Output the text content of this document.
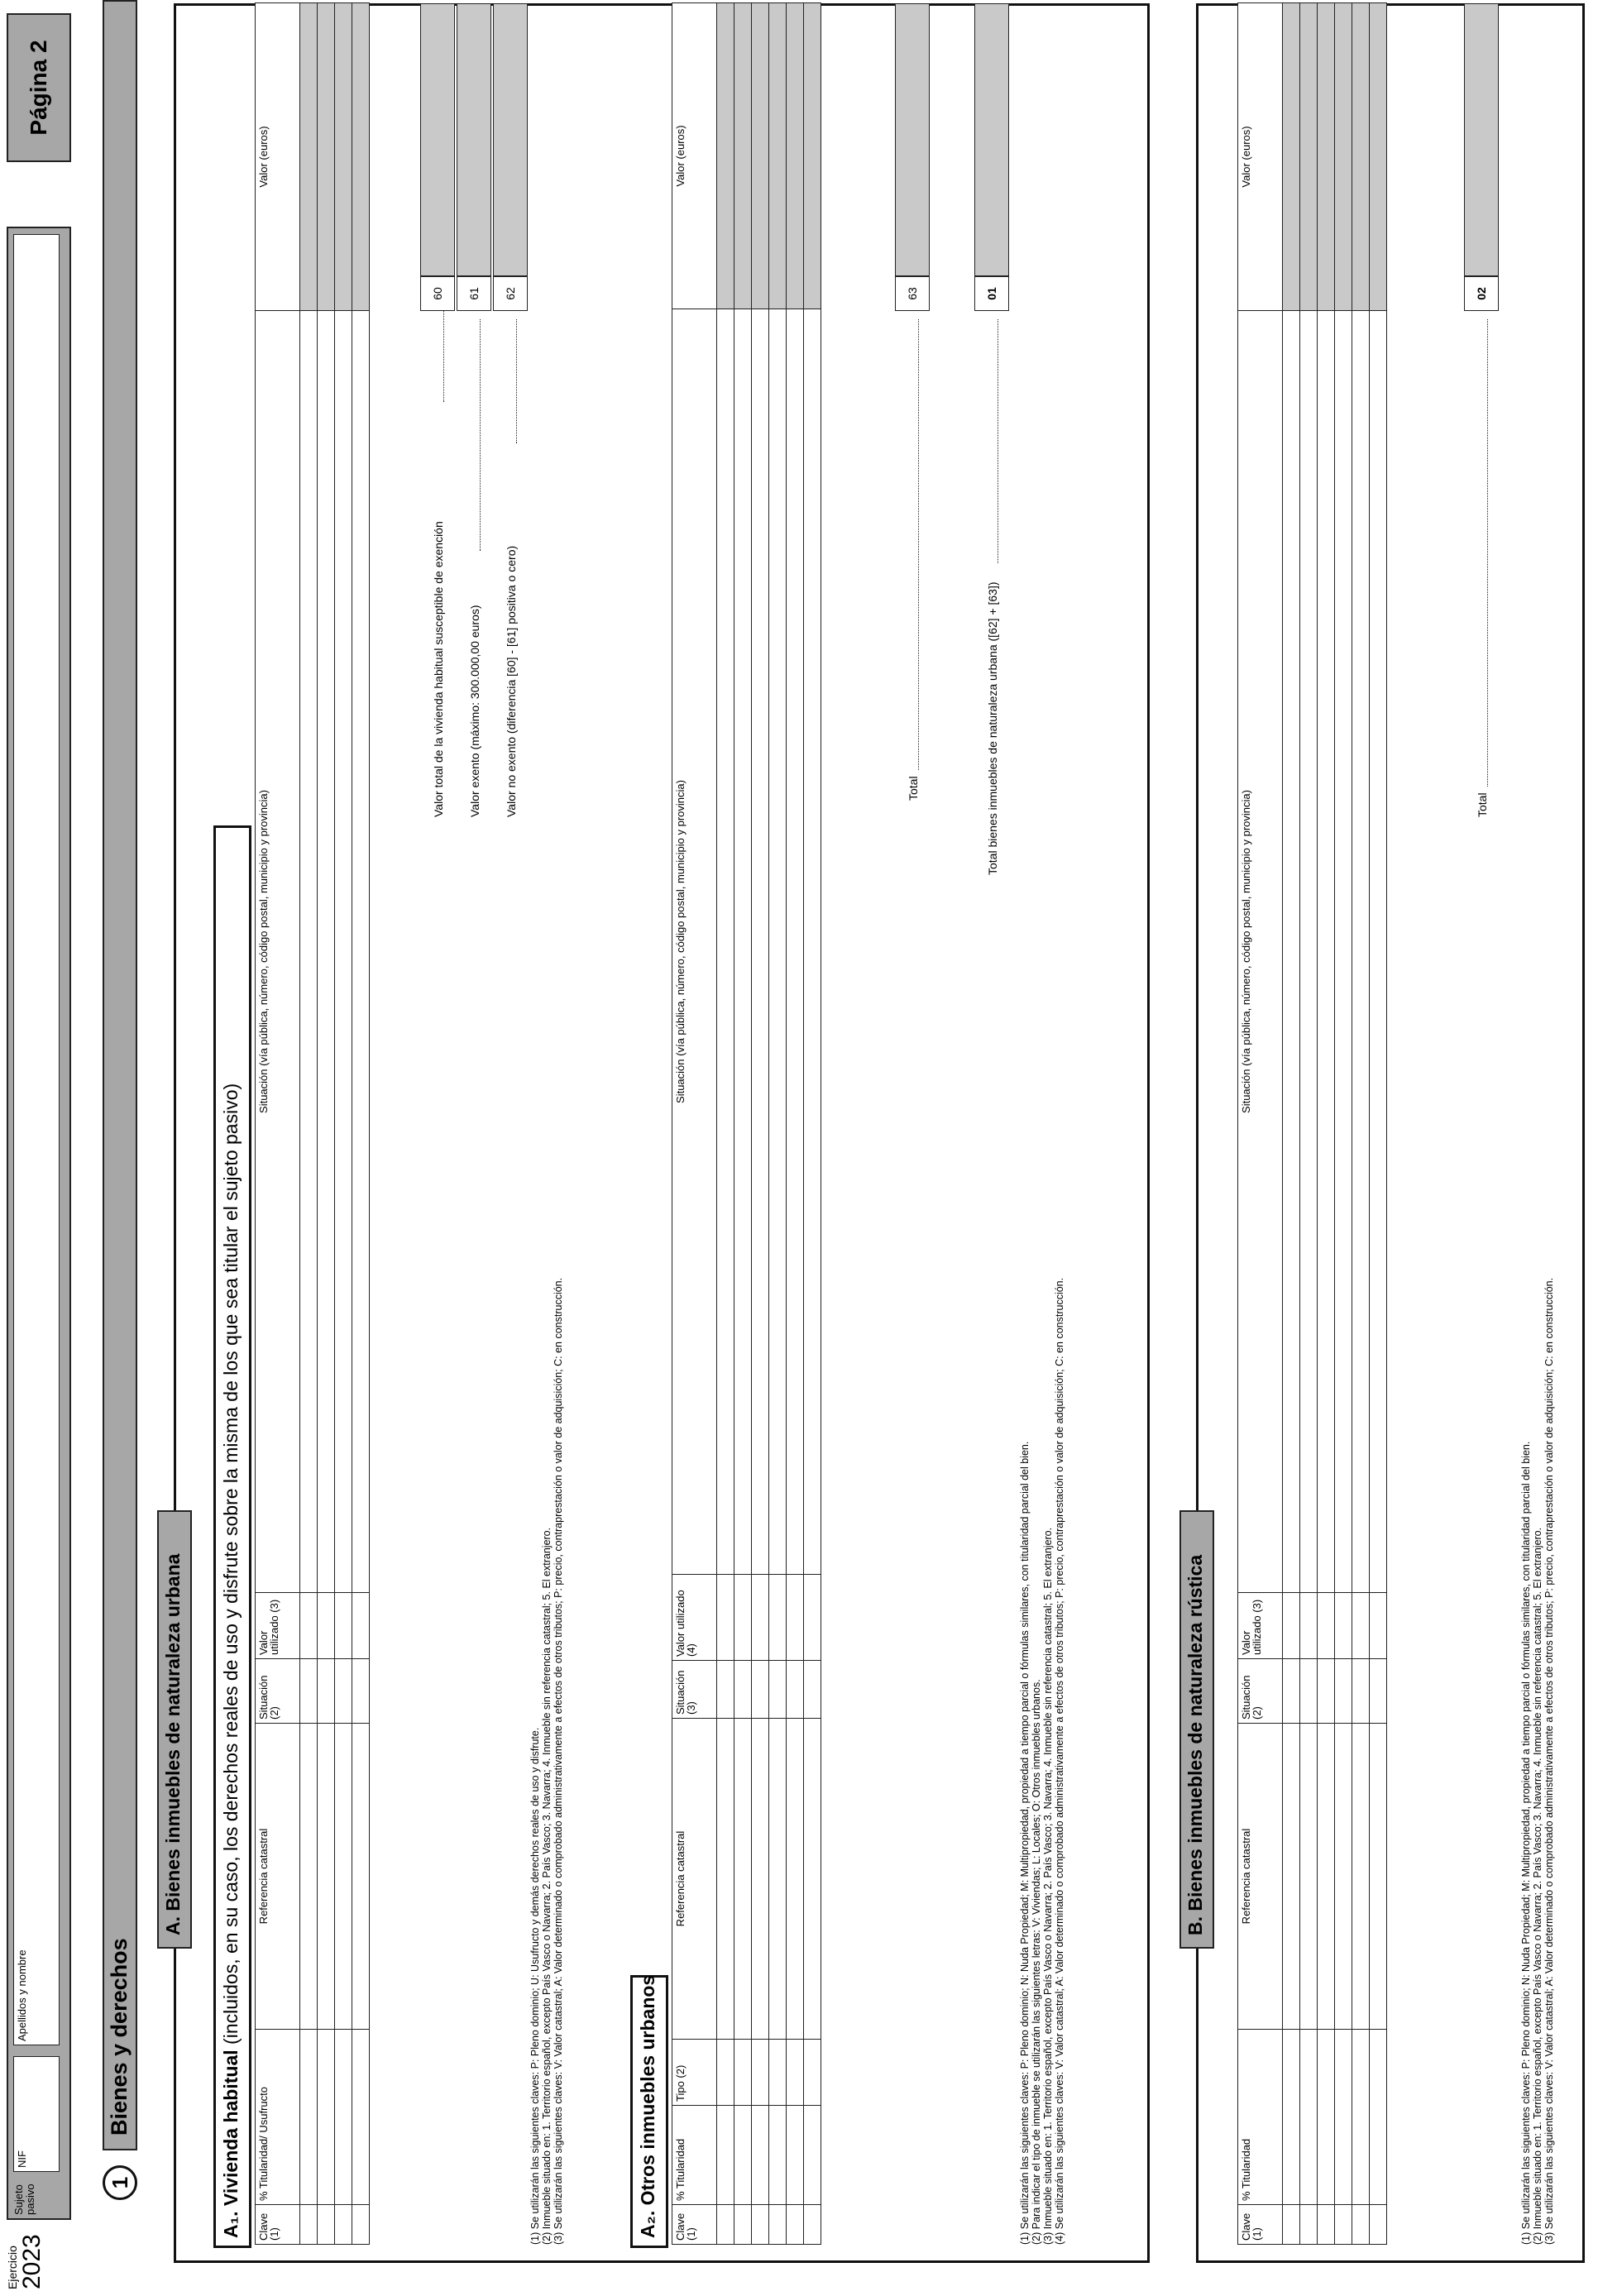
Ejercicio 2023
Sujeto pasivo
NIF
Apellidos y nombre
Página 2
1
Bienes y derechos
A. Bienes inmuebles de naturaleza urbana
A₁. Vivienda habitual (incluidos, en su caso, los derechos reales de uso y disfrute sobre la misma de los que sea titular el sujeto pasivo)
Clave (1)	% Titularidad/ Usufructo	Referencia catastral	Situación (2)	Valor utilizado (3)	Situación (vía pública, número, código postal, municipio y provincia)	Valor (euros)

Valor total de la vivienda habitual susceptible de exención
60
Valor exento (máximo: 300.000,00 euros)
61
Valor no exento (diferencia [60] - [61] positiva o cero)
62
(1) Se utilizarán las siguientes claves: P: Pleno dominio; U: Usufructo y demás derechos reales de uso y disfrute. (2) Inmueble situado en: 1. Territorio español, excepto País Vasco o Navarra; 2. País Vasco; 3. Navarra; 4. Inmueble sin referencia catastral; 5. El extranjero. (3) Se utilizarán las siguientes claves: V: Valor catastral; A: Valor determinado o comprobado administrativamente a efectos de otros tributos; P: precio, contraprestación o valor de adquisición; C: en construcción.	A₂. Otros inmuebles urbanos Clave (1)	% Titularidad	Tipo (2)	Referencia catastral	Situación (3)	Valor utilizado (4)	Situación (vía pública, número, código postal, municipio y provincia)	Valor (euros)

Total
63
Total bienes inmuebles de naturaleza urbana ([62] + [63])
01
(1) Se utilizarán las siguientes claves: P: Pleno dominio; N: Nuda Propiedad; M: Multipropiedad, propiedad a tiempo parcial o fórmulas similares, con titularidad parcial del bien. (2) Para indicar el tipo de inmueble se utilizarán las siguientes letras: V: Viviendas; L: Locales; O: Otros inmuebles urbanos. (3) Inmueble situado en: 1. Territorio español, excepto País Vasco o Navarra; 2. País Vasco; 3. Navarra; 4. Inmueble sin referencia catastral; 5. El extranjero. (4) Se utilizarán las siguientes claves: V: Valor catastral; A: Valor determinado o comprobado administrativamente a efectos de otros tributos; P: precio, contraprestación o valor de adquisición; C: en construcción.	B. Bienes inmuebles de naturaleza rústica
Clave (1)	% Titularidad	Referencia catastral	Situación (2)	Valor utilizado (3)	Situación (vía pública, número, código postal, municipio y provincia)	Valor (euros)

Total
02
(1) Se utilizarán las siguientes claves: P: Pleno dominio; N: Nuda Propiedad; M: Multipropiedad, propiedad a tiempo parcial o fórmulas similares, con titularidad parcial del bien. (2) Inmueble situado en: 1. Territorio español, excepto País Vasco o Navarra; 2. País Vasco; 3. Navarra; 4. Inmueble sin referencia catastral; 5. El extranjero. (3) Se utilizarán las siguientes claves: V: Valor catastral; A: Valor determinado o comprobado administrativamente a efectos de otros tributos; P: precio, contraprestación o valor de adquisición; C: en construcción.
